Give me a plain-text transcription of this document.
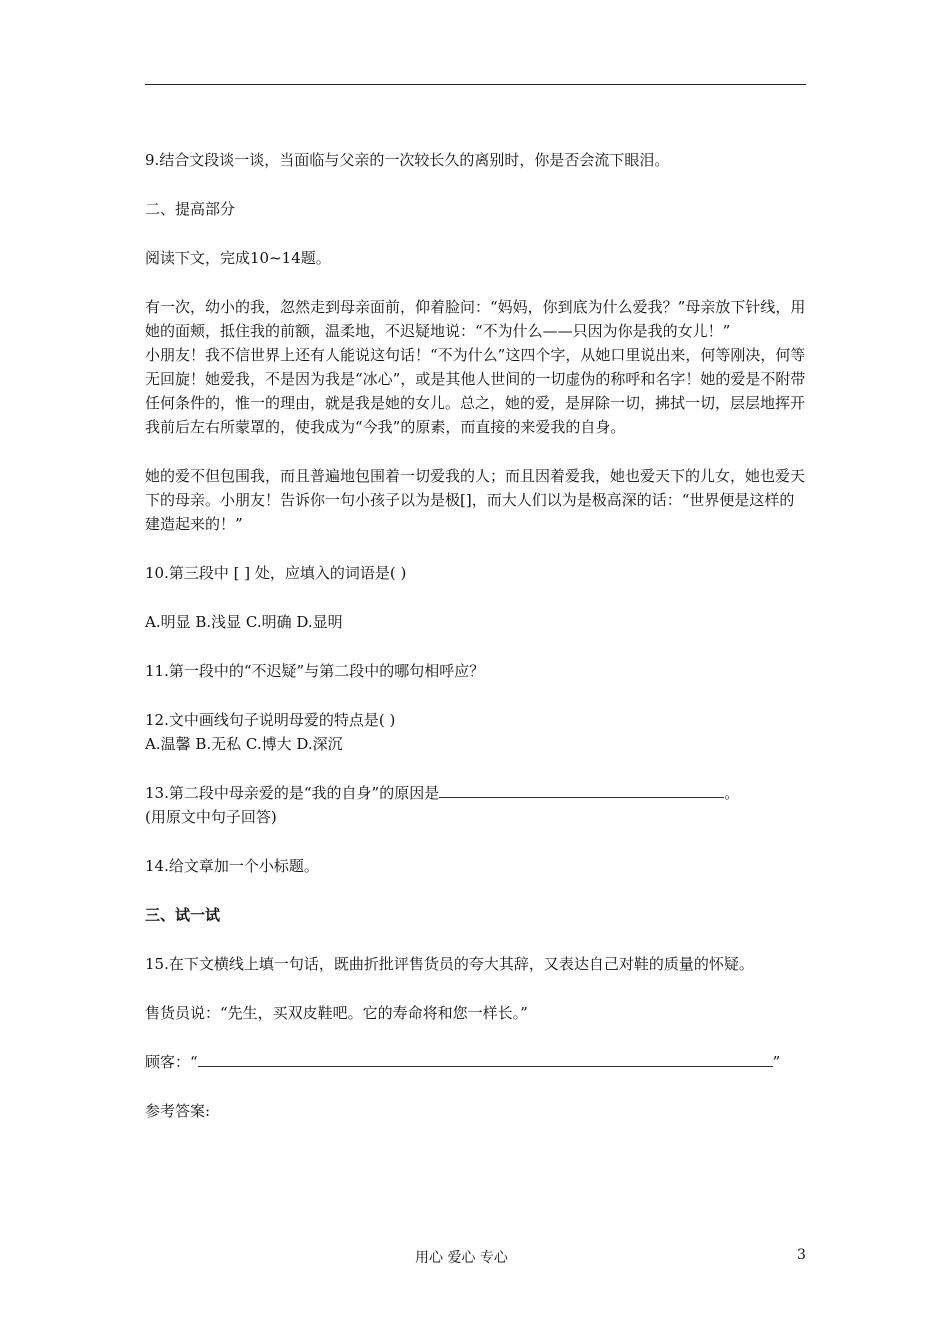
9.结合文段谈一谈，当面临与父亲的一次较长久的离别时，你是否会流下眼泪。

二、提高部分

阅读下文，完成10~14题。

有一次，幼小的我，忽然走到母亲面前，仰着脸问：“妈妈，你到底为什么爱我？”母亲放下针线，用她的面颊，抵住我的前额，温柔地，不迟疑地说：“不为什么——只因为你是我的女儿！”

小朋友！我不信世界上还有人能说这句话！“不为什么”这四个字，从她口里说出来，何等刚决，何等无回旋！她爱我，不是因为我是“冰心”，或是其他人世间的一切虚伪的称呼和名字！她的爱是不附带任何条件的，惟一的理由，就是我是她的女儿。总之，她的爱，是屏除一切，拂拭一切，层层地挥开我前后左右所蒙罩的，使我成为“今我”的原素，而直接的来爱我的自身。

她的爱不但包围我，而且普遍地包围着一切爱我的人；而且因着爱我，她也爱天下的儿女，她也爱天下的母亲。小朋友！告诉你一句小孩子以为是极[]，而大人们以为是极高深的话：“世界便是这样的建造起来的！”

10.第三段中 [ ] 处，应填入的词语是( )

A.明显 B.浅显 C.明确 D.显明

11.第一段中的“不迟疑”与第二段中的哪句相呼应？

12.文中画线句子说明母爱的特点是( )

A.温馨 B.无私 C.博大 D.深沉

13.第二段中母亲爱的是“我的自身”的原因是	。

(用原文中句子回答)

14.给文章加一个小标题。

三、试一试

15.在下文横线上填一句话，既曲折批评售货员的夸大其辞，又表达自己对鞋的质量的怀疑。

售货员说：“先生，买双皮鞋吧。它的寿命将和您一样长。”

顾客：“	”

参考答案:

用心 爱心 专心	3
